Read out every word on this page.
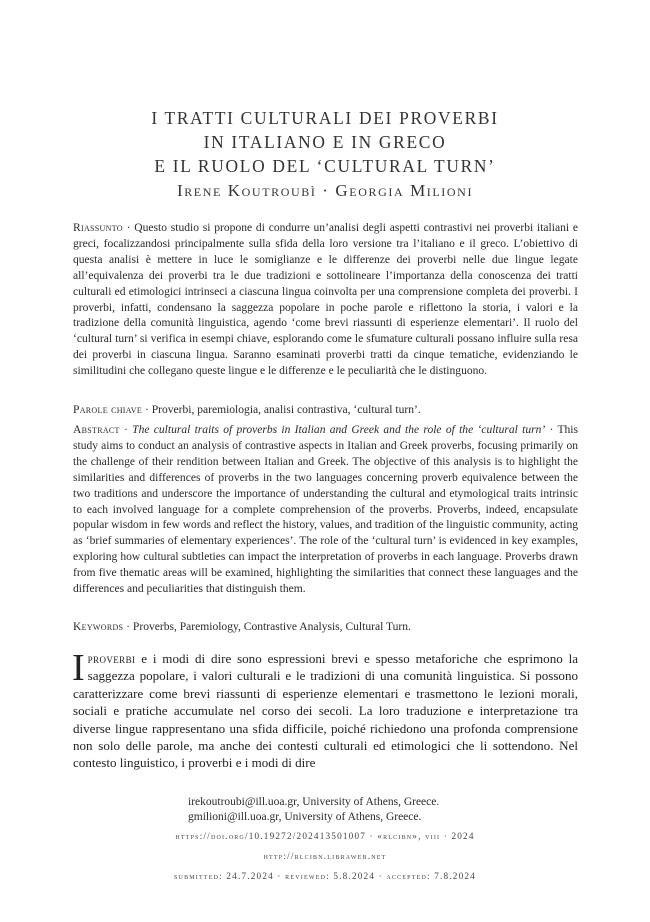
I TRATTI CULTURALI DEI PROVERBI
IN ITALIANO E IN GRECO
E IL RUOLO DEL ‘CULTURAL TURN’
Irene Koutroubì · Georgia Milioni
Riassunto · Questo studio si propone di condurre un’analisi degli aspetti contrastivi nei proverbi italiani e greci, focalizzandosi principalmente sulla sfida della loro versione tra l’italiano e il greco. L’obiettivo di questa analisi è mettere in luce le somiglianze e le differenze dei proverbi nelle due lingue legate all’equivalenza dei proverbi tra le due tradizioni e sottolineare l’importanza della conoscenza dei tratti culturali ed etimologici intrinseci a ciascuna lingua coinvolta per una comprensione completa dei proverbi. I proverbi, infatti, condensano la saggezza popolare in poche parole e riflettono la storia, i valori e la tradizione della comunità linguistica, agendo ‘come brevi riassunti di esperienze elementari’. Il ruolo del ‘cultural turn’ si verifica in esempi chiave, esplorando come le sfumature culturali possano influire sulla resa dei proverbi in ciascuna lingua. Saranno esaminati proverbi tratti da cinque tematiche, evidenziando le similitudini che collegano queste lingue e le differenze e le peculiarità che le distinguono.
Parole chiave · Proverbi, paremiologia, analisi contrastiva, ‘cultural turn’.
Abstract · The cultural traits of proverbs in Italian and Greek and the role of the ‘cultural turn’ · This study aims to conduct an analysis of contrastive aspects in Italian and Greek proverbs, focusing primarily on the challenge of their rendition between Italian and Greek. The objective of this analysis is to highlight the similarities and differences of proverbs in the two languages concerning proverb equivalence between the two traditions and underscore the importance of understanding the cultural and etymological traits intrinsic to each involved language for a complete comprehension of the proverbs. Proverbs, indeed, encapsulate popular wisdom in few words and reflect the history, values, and tradition of the linguistic community, acting as ‘brief summaries of elementary experiences’. The role of the ‘cultural turn’ is evidenced in key examples, exploring how cultural subtleties can impact the interpretation of proverbs in each language. Proverbs drawn from five thematic areas will be examined, highlighting the similarities that connect these languages and the differences and peculiarities that distinguish them.
Keywords · Proverbs, Paremiology, Contrastive Analysis, Cultural Turn.
Iproverbi e i modi di dire sono espressioni brevi e spesso metaforiche che esprimono la saggezza popolare, i valori culturali e le tradizioni di una comunità linguistica. Si possono caratterizzare come brevi riassunti di esperienze elementari e trasmettono le lezioni morali, sociali e pratiche accumulate nel corso dei secoli. La loro traduzione e interpretazione tra diverse lingue rappresentano una sfida difficile, poiché richiedono una profonda comprensione non solo delle parole, ma anche dei contesti culturali ed etimologici che li sottendono. Nel contesto linguistico, i proverbi e i modi di dire
irekoutroubi@ill.uoa.gr, University of Athens, Greece.
gmilioni@ill.uoa.gr, University of Athens, Greece.
https://doi.org/10.19272/202413501007 · «rlcibn», viii · 2024
http://rlcibn.libraweb.net
submitted: 24.7.2024 · reviewed: 5.8.2024 · accepted: 7.8.2024
